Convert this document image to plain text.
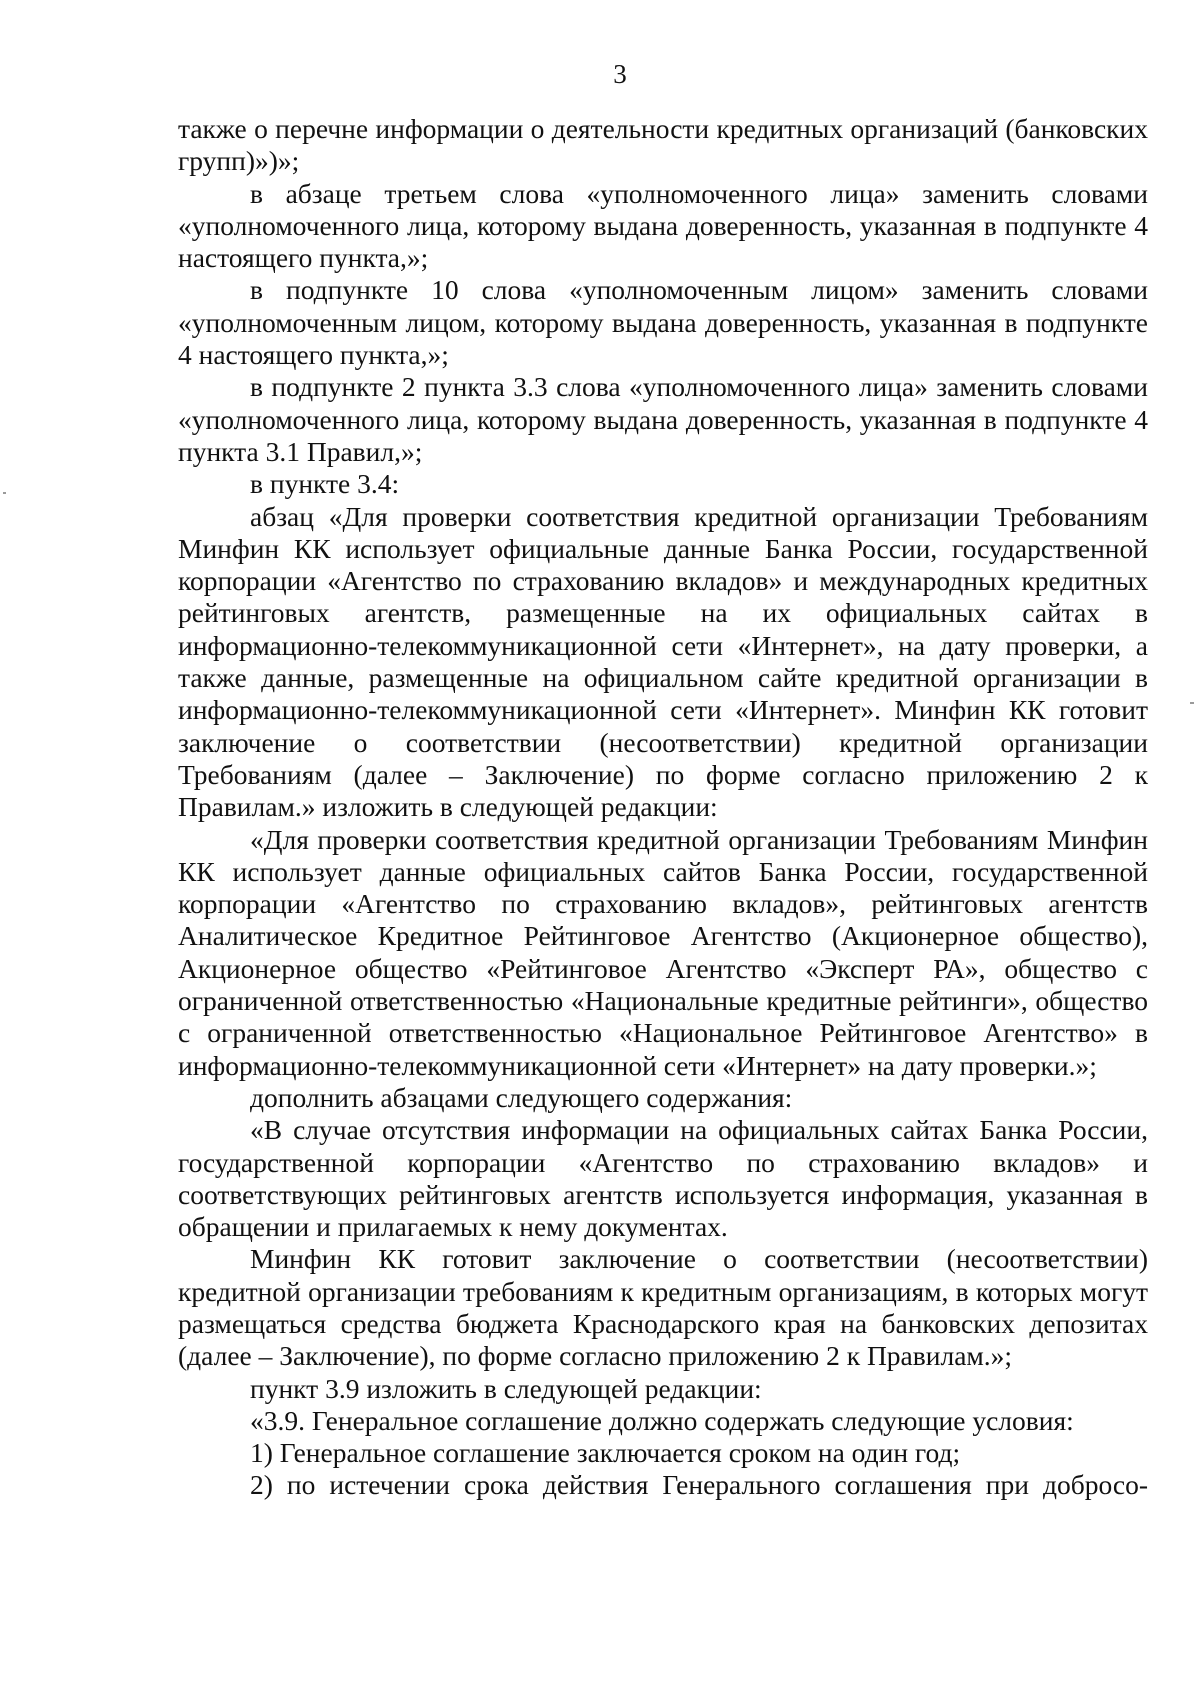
3

также о перечне информации о деятельности кредитных организаций (банковских групп)»)»;

в абзаце третьем слова «уполномоченного лица» заменить словами «уполномоченного лица, которому выдана доверенность, указанная в подпункте 4 настоящего пункта,»;

в подпункте 10 слова «уполномоченным лицом» заменить словами «уполномоченным лицом, которому выдана доверенность, указанная в подпункте 4 настоящего пункта,»;

в подпункте 2 пункта 3.3 слова «уполномоченного лица» заменить словами «уполномоченного лица, которому выдана доверенность, указанная в подпункте 4 пункта 3.1 Правил,»;

в пункте 3.4:

абзац «Для проверки соответствия кредитной организации Требованиям Минфин КК использует официальные данные Банка России, государственной корпорации «Агентство по страхованию вкладов» и международных кредитных рейтинговых агентств, размещенные на их официальных сайтах в информационно-телекоммуникационной сети «Интернет», на дату проверки, а также данные, размещенные на официальном сайте кредитной организации в информационно-телекоммуникационной сети «Интернет». Минфин КК готовит заключение о соответствии (несоответствии) кредитной организации Требованиям (далее – Заключение) по форме согласно приложению 2 к Правилам.» изложить в следующей редакции:

«Для проверки соответствия кредитной организации Требованиям Минфин КК использует данные официальных сайтов Банка России, государственной корпорации «Агентство по страхованию вкладов», рейтинговых агентств Аналитическое Кредитное Рейтинговое Агентство (Акционерное общество), Акционерное общество «Рейтинговое Агентство «Эксперт РА», общество с ограниченной ответственностью «Национальные кредитные рейтинги», общество с ограниченной ответственностью «Национальное Рейтинговое Агентство» в информационно-телекоммуникационной сети «Интернет» на дату проверки.»;

дополнить абзацами следующего содержания:

«В случае отсутствия информации на официальных сайтах Банка России, государственной корпорации «Агентство по страхованию вкладов» и соответствующих рейтинговых агентств используется информация, указанная в обращении и прилагаемых к нему документах.

Минфин КК готовит заключение о соответствии (несоответствии) кредитной организации требованиям к кредитным организациям, в которых могут размещаться средства бюджета Краснодарского края на банковских депозитах (далее – Заключение), по форме согласно приложению 2 к Правилам.»;

пункт 3.9 изложить в следующей редакции:

«3.9. Генеральное соглашение должно содержать следующие условия:

1) Генеральное соглашение заключается сроком на один год;

2) по истечении срока действия Генерального соглашения при добросо-
